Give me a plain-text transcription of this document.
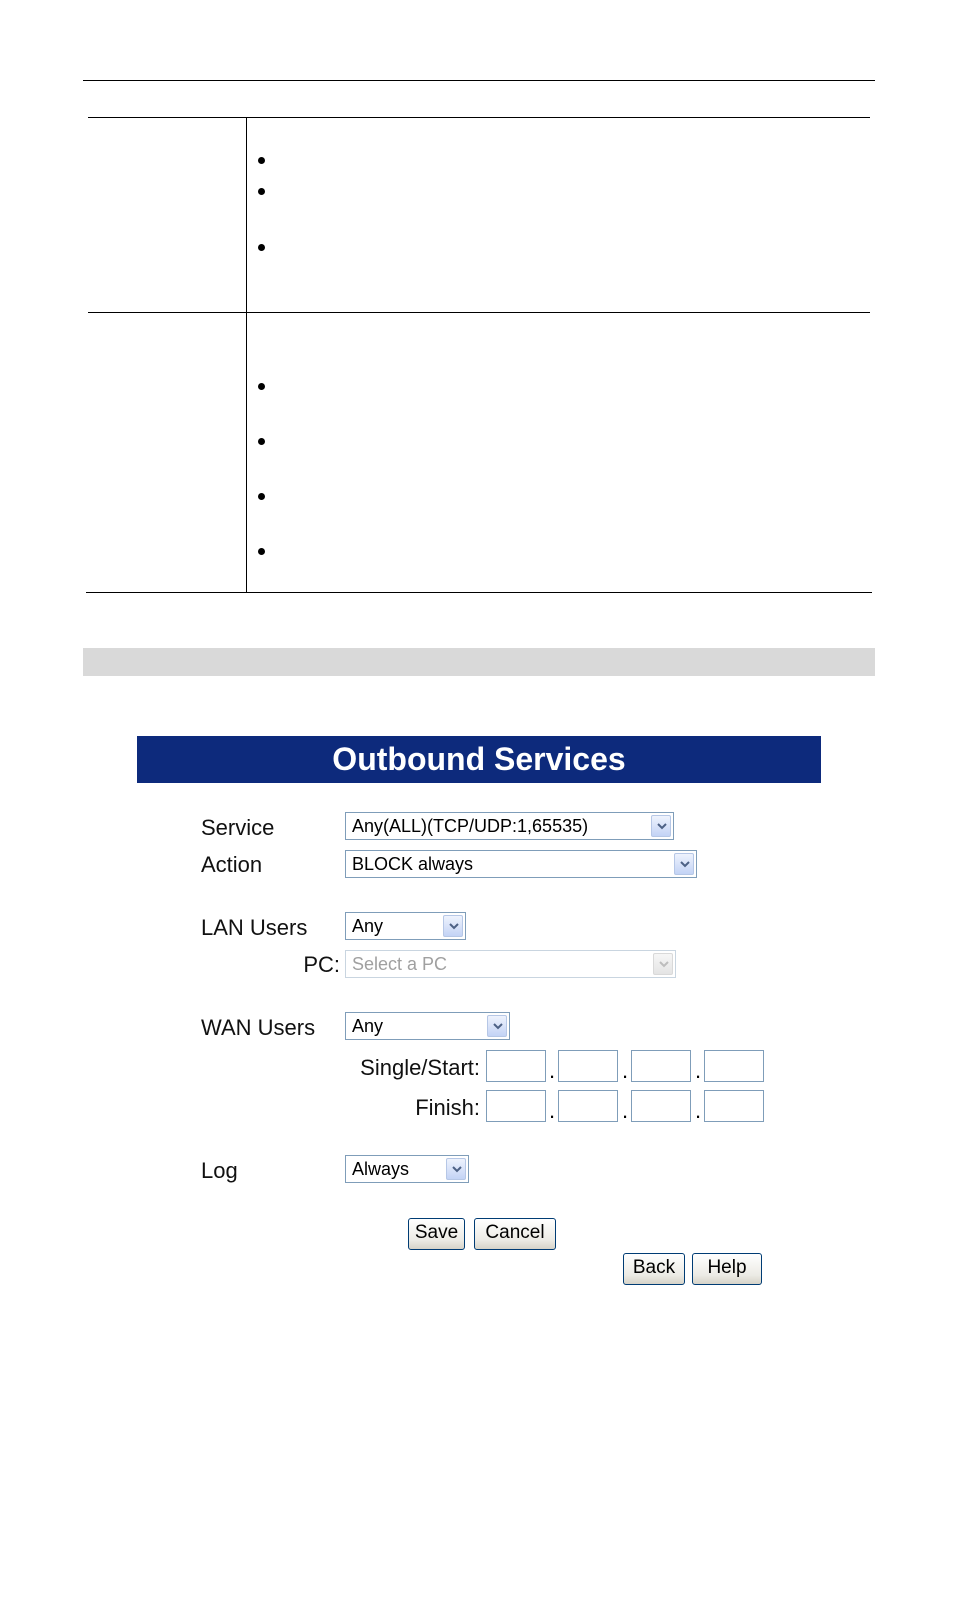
Outbound Services
Service	Any(ALL)(TCP/UDP:1,65535)
Action	BLOCK always
LAN Users Any
PC: Select a PC
WAN Users Any
Single/Start:	.	.	.
Finish:	.	.	.
Log	Always
Save	Cancel
Back	Help
